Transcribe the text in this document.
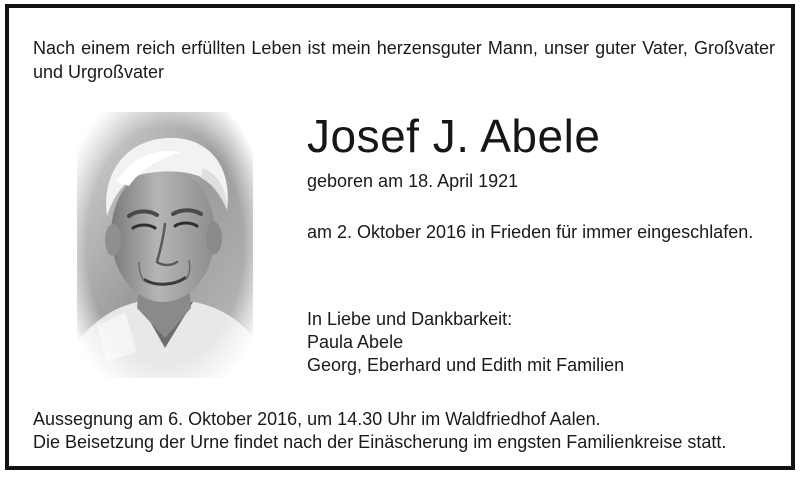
Nach einem reich erfüllten Leben ist mein herzensguter Mann, unser guter Vater, Großvater und Urgroßvater
Josef J. Abele
geboren am 18. April 1921
am 2. Oktober 2016 in Frieden für immer eingeschlafen.
In Liebe und Dankbarkeit:
Paula Abele
Georg, Eberhard und Edith mit Familien
Aussegnung am 6. Oktober 2016, um 14.30 Uhr im Waldfriedhof Aalen.
Die Beisetzung der Urne findet nach der Einäscherung im engsten Familienkreise statt.
